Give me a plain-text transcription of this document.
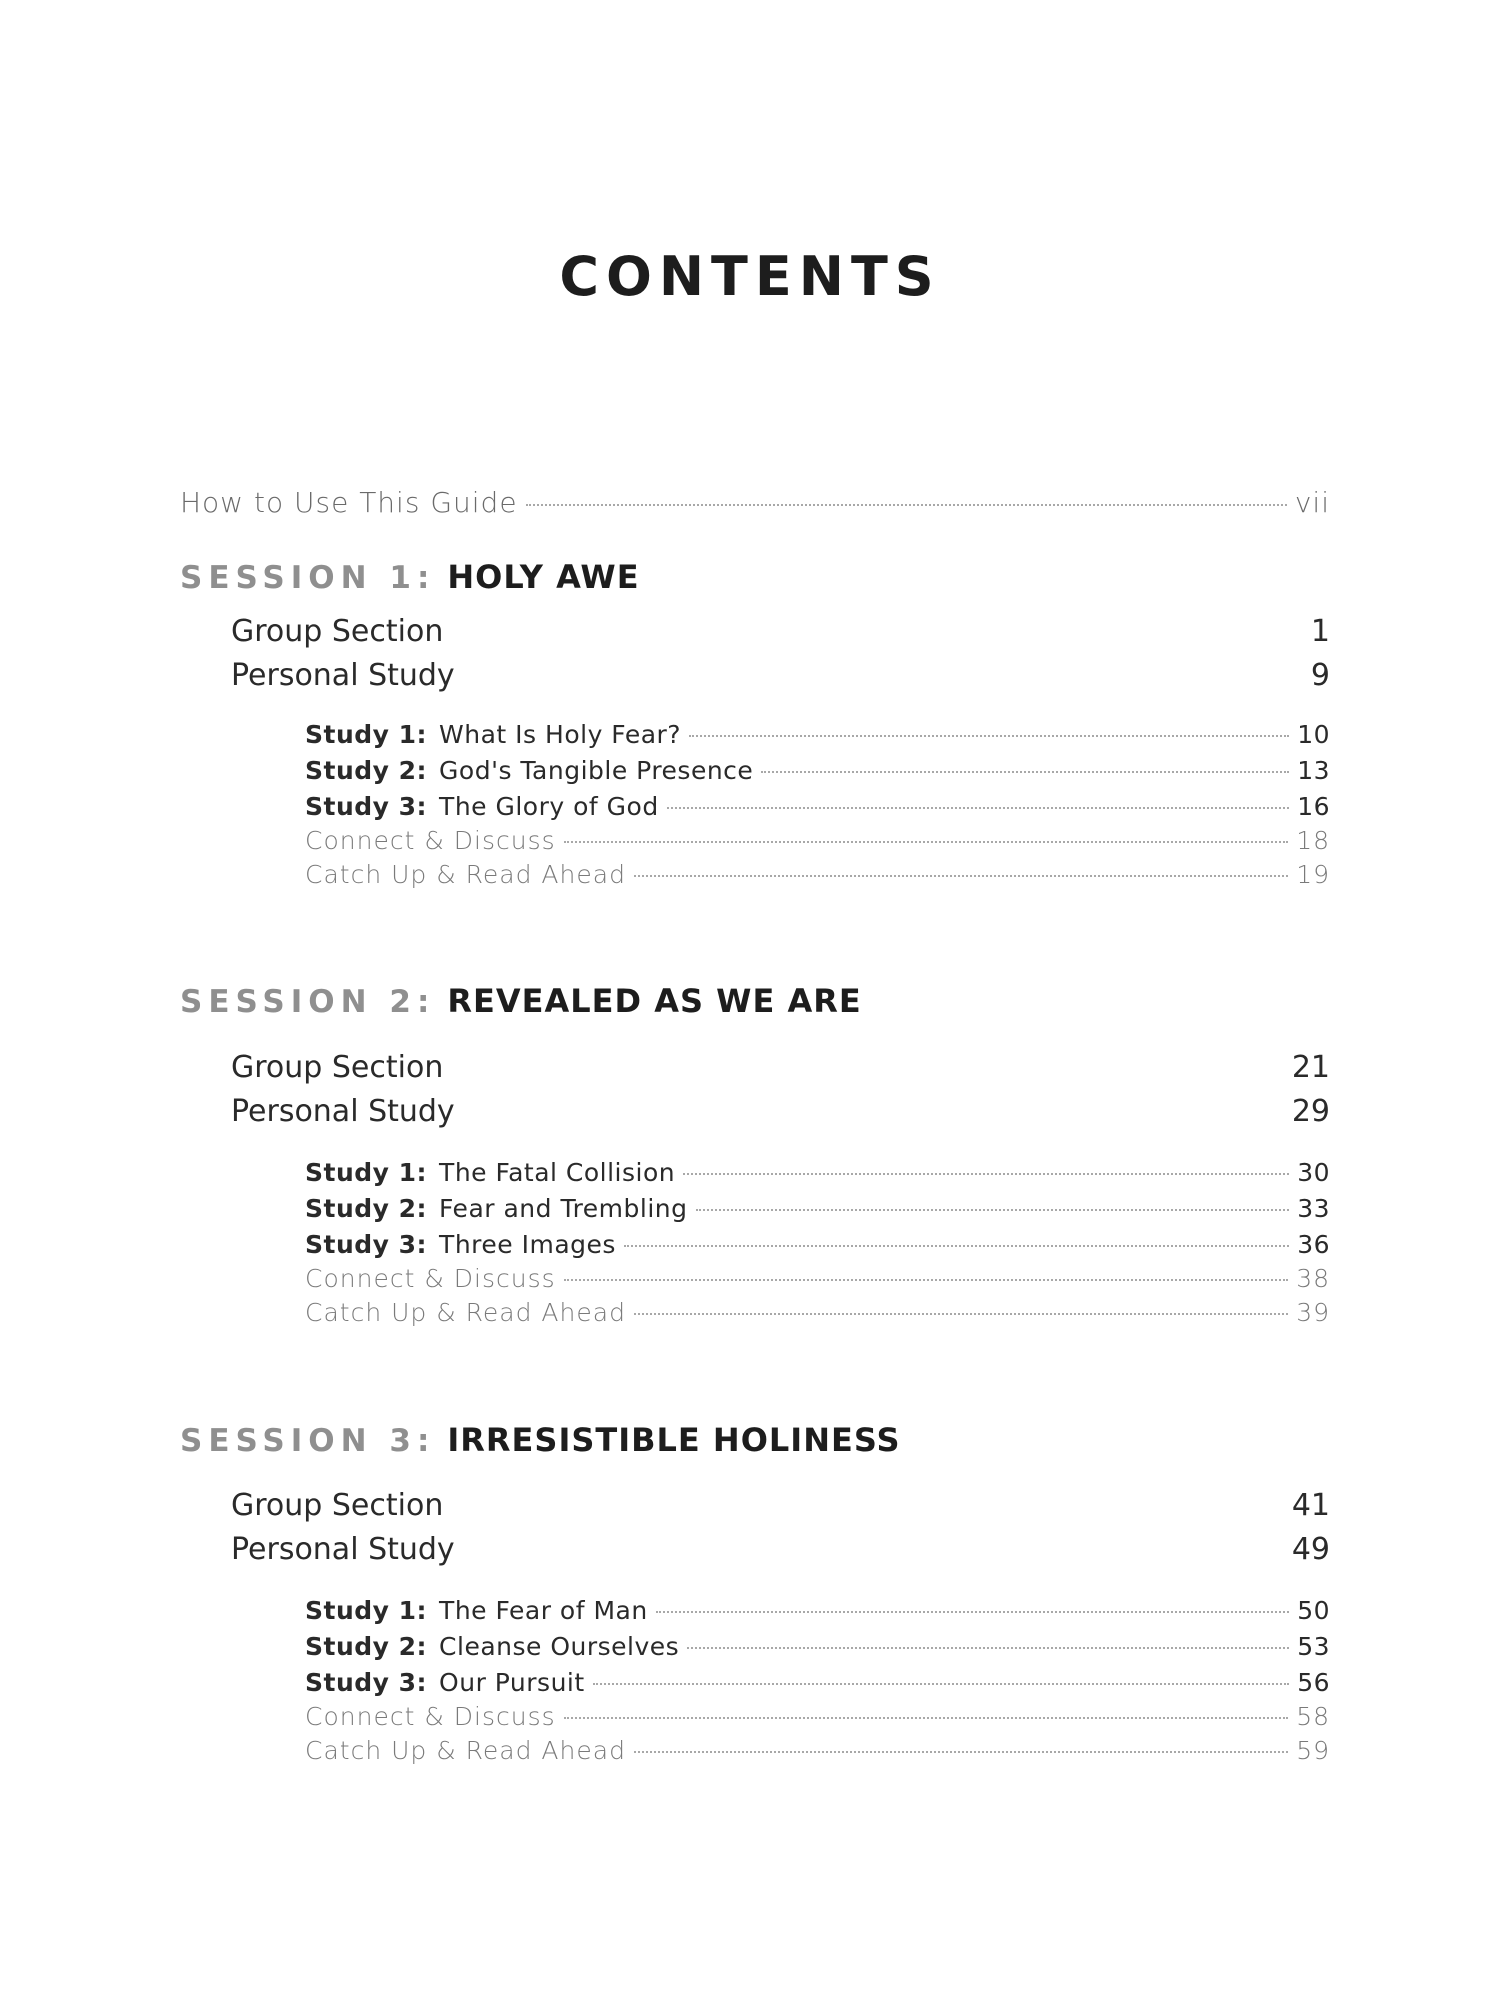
CONTENTS
How to Use This Guide	vii
SESSION 1: HOLY AWE
Group Section	1
Personal Study	9
Study 1: What Is Holy Fear?	10
Study 2: God's Tangible Presence	13
Study 3: The Glory of God	16
Connect & Discuss	18
Catch Up & Read Ahead	19
SESSION 2: REVEALED AS WE ARE
Group Section	21
Personal Study	29
Study 1: The Fatal Collision	30
Study 2: Fear and Trembling	33
Study 3: Three Images	36
Connect & Discuss	38
Catch Up & Read Ahead	39
SESSION 3: IRRESISTIBLE HOLINESS
Group Section	41
Personal Study	49
Study 1: The Fear of Man	50
Study 2: Cleanse Ourselves	53
Study 3: Our Pursuit	56
Connect & Discuss	58
Catch Up & Read Ahead	59
